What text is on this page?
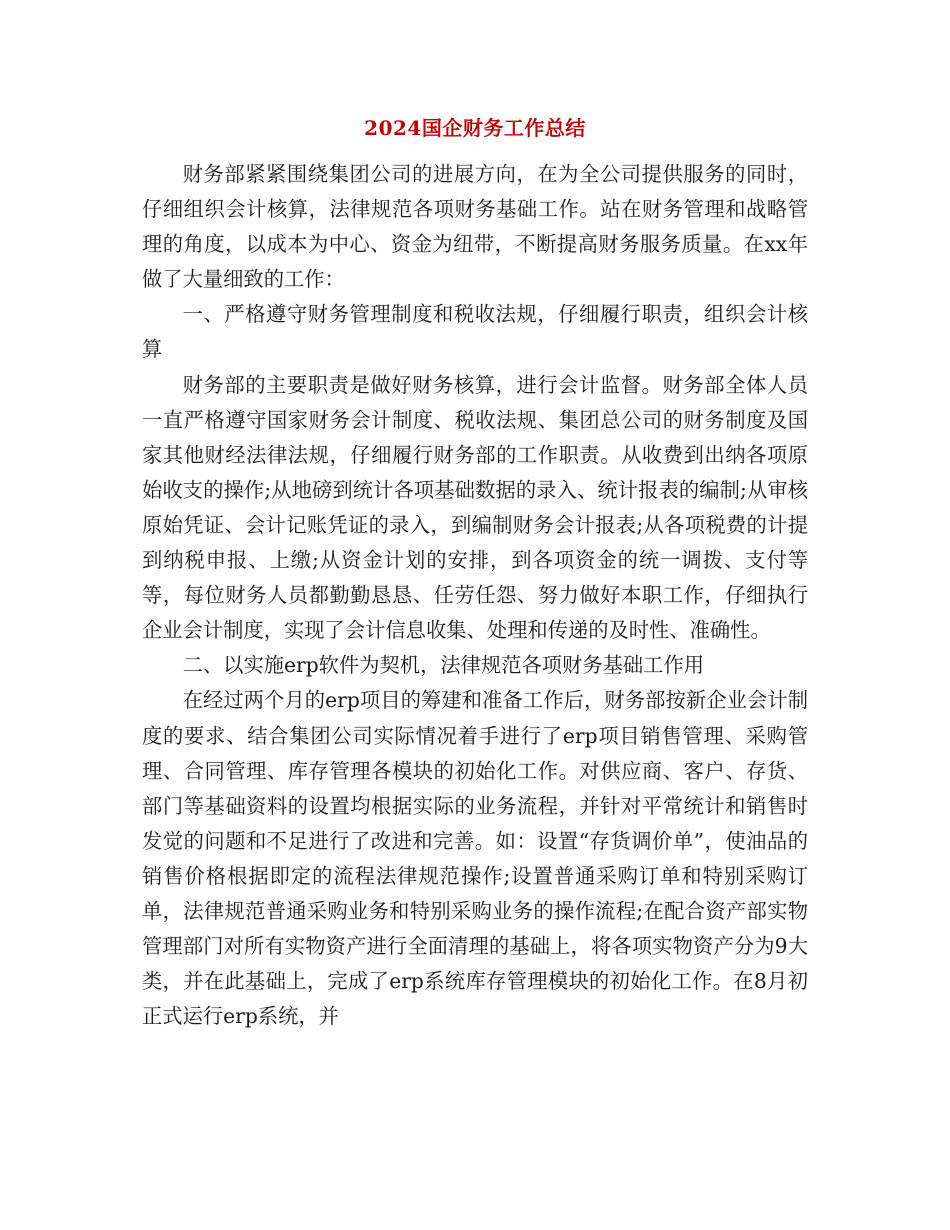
2024国企财务工作总结

财务部紧紧围绕集团公司的进展方向，在为全公司提供服务的同时，仔细组织会计核算，法律规范各项财务基础工作。站在财务管理和战略管理的角度，以成本为中心、资金为纽带，不断提高财务服务质量。在xx年做了大量细致的工作：

一、严格遵守财务管理制度和税收法规，仔细履行职责，组织会计核算

财务部的主要职责是做好财务核算，进行会计监督。财务部全体人员一直严格遵守国家财务会计制度、税收法规、集团总公司的财务制度及国家其他财经法律法规，仔细履行财务部的工作职责。从收费到出纳各项原始收支的操作;从地磅到统计各项基础数据的录入、统计报表的编制;从审核原始凭证、会计记账凭证的录入，到编制财务会计报表;从各项税费的计提到纳税申报、上缴;从资金计划的安排，到各项资金的统一调拨、支付等等，每位财务人员都勤勤恳恳、任劳任怨、努力做好本职工作，仔细执行企业会计制度，实现了会计信息收集、处理和传递的及时性、准确性。

二、以实施erp软件为契机，法律规范各项财务基础工作用

在经过两个月的erp项目的筹建和准备工作后，财务部按新企业会计制度的要求、结合集团公司实际情况着手进行了erp项目销售管理、采购管理、合同管理、库存管理各模块的初始化工作。对供应商、客户、存货、部门等基础资料的设置均根据实际的业务流程，并针对平常统计和销售时发觉的问题和不足进行了改进和完善。如：设置“存货调价单”，使油品的销售价格根据即定的流程法律规范操作;设置普通采购订单和特别采购订单，法律规范普通采购业务和特别采购业务的操作流程;在配合资产部实物管理部门对所有实物资产进行全面清理的基础上，将各项实物资产分为9大类，并在此基础上，完成了erp系统库存管理模块的初始化工作。在8月初正式运行erp系统，并
